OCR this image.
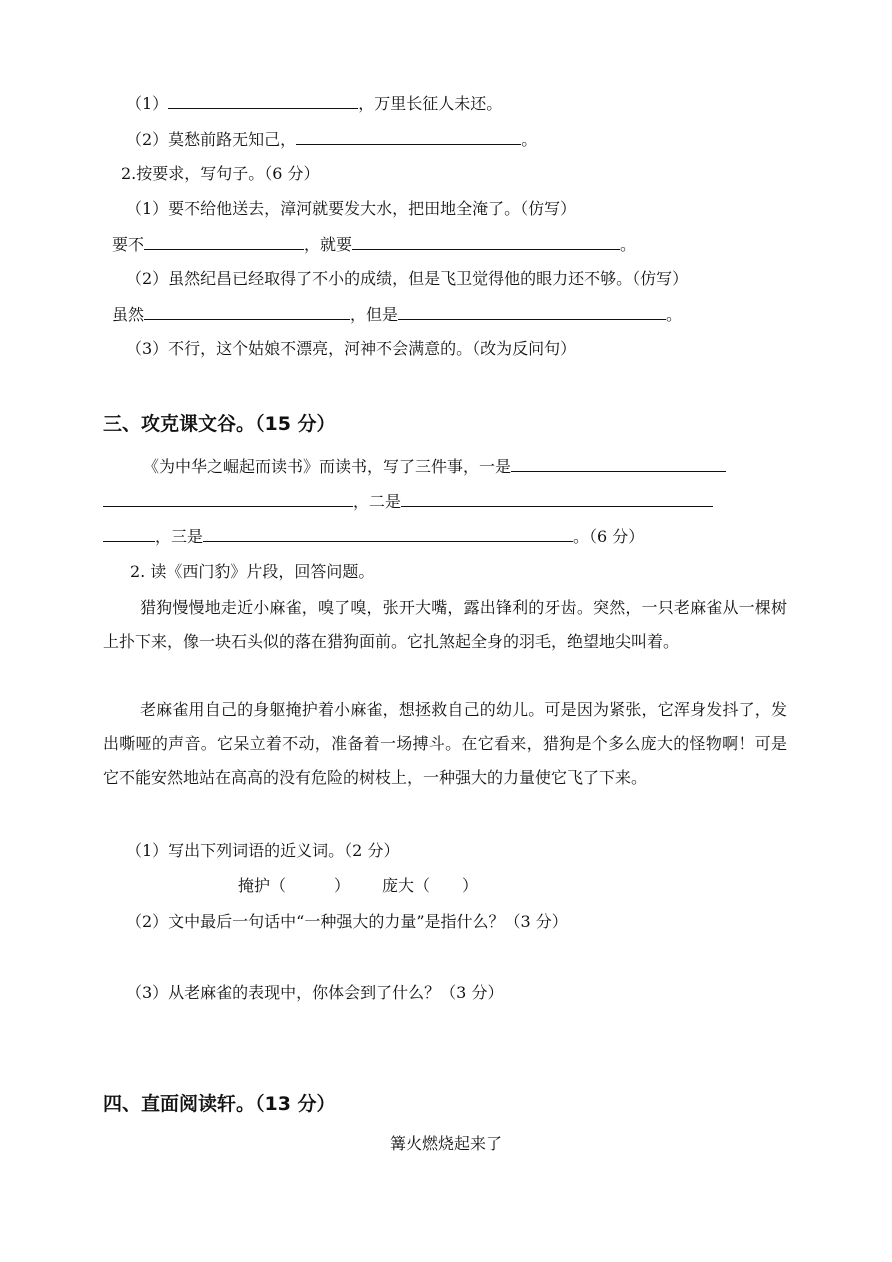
（1）	，万里长征人未还。
（2）莫愁前路无知己，	。
2.按要求，写句子。（6 分）
（1）要不给他送去，漳河就要发大水，把田地全淹了。（仿写）
要不	，就要	。
（2）虽然纪昌已经取得了不小的成绩，但是飞卫觉得他的眼力还不够。（仿写）
虽然	，但是	。
（3）不行，这个姑娘不漂亮，河神不会满意的。（改为反问句）
三、攻克课文谷。（15 分）
《为中华之崛起而读书》而读书，写了三件事，一是
，二是
，三是	。（6 分）
2. 读《西门豹》片段，回答问题。
猎狗慢慢地走近小麻雀，嗅了嗅，张开大嘴，露出锋利的牙齿。突然，一只老麻雀从一棵树上扑下来，像一块石头似的落在猎狗面前。它扎煞起全身的羽毛，绝望地尖叫着。
老麻雀用自己的身躯掩护着小麻雀，想拯救自己的幼儿。可是因为紧张，它浑身发抖了，发出嘶哑的声音。它呆立着不动，准备着一场搏斗。在它看来，猎狗是个多么庞大的怪物啊！可是它不能安然地站在高高的没有危险的树枝上，一种强大的力量使它飞了下来。
（1）写出下列词语的近义词。（2 分）
掩护（　　　） 庞大（　　）
（2）文中最后一句话中“一种强大的力量”是指什么？（3 分）
（3）从老麻雀的表现中，你体会到了什么？（3 分）
四、直面阅读轩。（13 分）
篝火燃烧起来了
